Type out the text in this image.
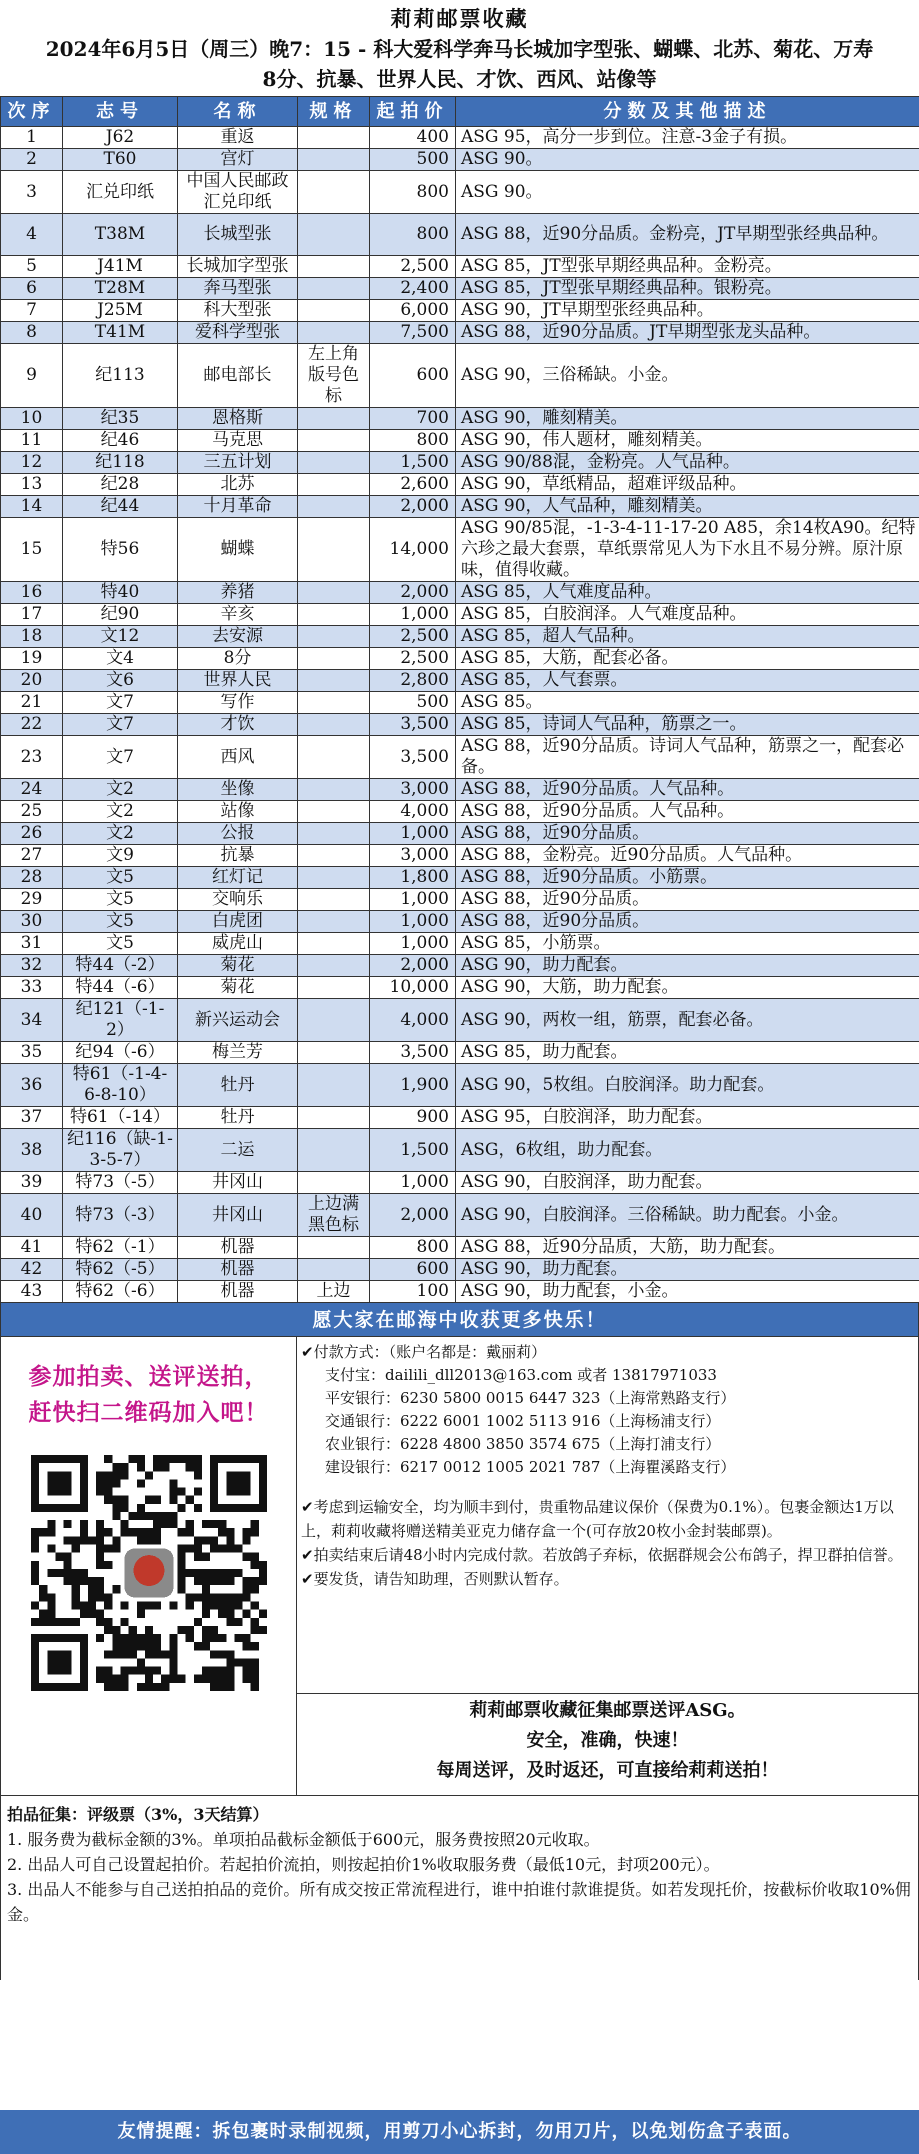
莉莉邮票收藏
2024年6月5日（周三）晚7：15 - 科大爱科学奔马长城加字型张、蝴蝶、北苏、菊花、万寿
8分、抗暴、世界人民、才饮、西风、站像等
次序	志号	名称	规格	起拍价	分数及其他描述
1	J62	重返		400	ASG 95，高分一步到位。注意-3金子有损。
2	T60	宫灯		500	ASG 90。
3	汇兑印纸	中国人民邮政汇兑印纸		800	ASG 90。
4	T38M	长城型张		800	ASG 88，近90分品质。金粉亮，JT早期型张经典品种。
5	J41M	长城加字型张		2,500	ASG 85，JT型张早期经典品种。金粉亮。
6	T28M	奔马型张		2,400	ASG 85，JT型张早期经典品种。银粉亮。
7	J25M	科大型张		6,000	ASG 90，JT早期型张经典品种。
8	T41M	爱科学型张		7,500	ASG 88，近90分品质。JT早期型张龙头品种。
9	纪113	邮电部长	左上角版号色标	600	ASG 90，三俗稀缺。小金。
10	纪35	恩格斯		700	ASG 90，雕刻精美。
11	纪46	马克思		800	ASG 90，伟人题材，雕刻精美。
12	纪118	三五计划		1,500	ASG 90/88混，金粉亮。人气品种。
13	纪28	北苏		2,600	ASG 90，草纸精品，超难评级品种。
14	纪44	十月革命		2,000	ASG 90，人气品种，雕刻精美。
15	特56	蝴蝶		14,000	ASG 90/85混，-1-3-4-11-17-20 A85，余14枚A90。纪特六珍之最大套票，草纸票常见人为下水且不易分辨。原汁原味，值得收藏。
16	特40	养猪		2,000	ASG 85，人气难度品种。
17	纪90	辛亥		1,000	ASG 85，白胶润泽。人气难度品种。
18	文12	去安源		2,500	ASG 85，超人气品种。
19	文4	8分		2,500	ASG 85，大筋，配套必备。
20	文6	世界人民		2,800	ASG 85，人气套票。
21	文7	写作		500	ASG 85。
22	文7	才饮		3,500	ASG 85，诗词人气品种，筋票之一。
23	文7	西风		3,500	ASG 88，近90分品质。诗词人气品种，筋票之一，配套必备。
24	文2	坐像		3,000	ASG 88，近90分品质。人气品种。
25	文2	站像		4,000	ASG 88，近90分品质。人气品种。
26	文2	公报		1,000	ASG 88，近90分品质。
27	文9	抗暴		3,000	ASG 88，金粉亮。近90分品质。人气品种。
28	文5	红灯记		1,800	ASG 88，近90分品质。小筋票。
29	文5	交响乐		1,000	ASG 88，近90分品质。
30	文5	白虎团		1,000	ASG 88，近90分品质。
31	文5	威虎山		1,000	ASG 85，小筋票。
32	特44（-2）	菊花		2,000	ASG 90，助力配套。
33	特44（-6）	菊花		10,000	ASG 90，大筋，助力配套。
34	纪121（-1-2）	新兴运动会		4,000	ASG 90，两枚一组，筋票，配套必备。
35	纪94（-6）	梅兰芳		3,500	ASG 85，助力配套。
36	特61（-1-4-6-8-10）	牡丹		1,900	ASG 90，5枚组。白胶润泽。助力配套。
37	特61（-14）	牡丹		900	ASG 95，白胶润泽，助力配套。
38	纪116（缺-1-3-5-7）	二运		1,500	ASG，6枚组，助力配套。
39	特73（-5）	井冈山		1,000	ASG 90，白胶润泽，助力配套。
40	特73（-3）	井冈山	上边满黑色标	2,000	ASG 90，白胶润泽。三俗稀缺。助力配套。小金。
41	特62（-1）	机器		800	ASG 88，近90分品质，大筋，助力配套。
42	特62（-5）	机器		600	ASG 90，助力配套。
43	特62（-6）	机器	上边	100	ASG 90，助力配套，小金。
愿大家在邮海中收获更多快乐！
参加拍卖、送评送拍，
赶快扫二维码加入吧！

✔付款方式：（账户名都是：戴丽莉）

支付宝：dailili_dll2013@163.com 或者 13817971033

平安银行：6230 5800 0015 6447 323（上海常熟路支行）

交通银行：6222 6001 1002 5113 916（上海杨浦支行）

农业银行：6228 4800 3850 3574 675（上海打浦支行）

建设银行：6217 0012 1005 2021 787（上海瞿溪路支行）

✔考虑到运输安全，均为顺丰到付，贵重物品建议保价（保费为0.1%）。包裹金额达1万以上，莉莉收藏将赠送精美亚克力储存盒一个(可存放20枚小金封装邮票)。

✔拍卖结束后请48小时内完成付款。若放鸽子弃标，依据群规会公布鸽子，捍卫群拍信誉。

✔要发货，请告知助理，否则默认暂存。

莉莉邮票收藏征集邮票送评ASG。
安全，准确，快速！
每周送评，及时返还，可直接给莉莉送拍！
拍品征集：评级票（3%，3天结算）
1. 服务费为截标金额的3%。单项拍品截标金额低于600元，服务费按照20元收取。
2. 出品人可自己设置起拍价。若起拍价流拍，则按起拍价1%收取服务费（最低10元，封项200元）。
3. 出品人不能参与自己送拍拍品的竞价。所有成交按正常流程进行，谁中拍谁付款谁提货。如若发现托价，按截标价收取10%佣金。
友情提醒：拆包裹时录制视频，用剪刀小心拆封，勿用刀片，以免划伤盒子表面。
